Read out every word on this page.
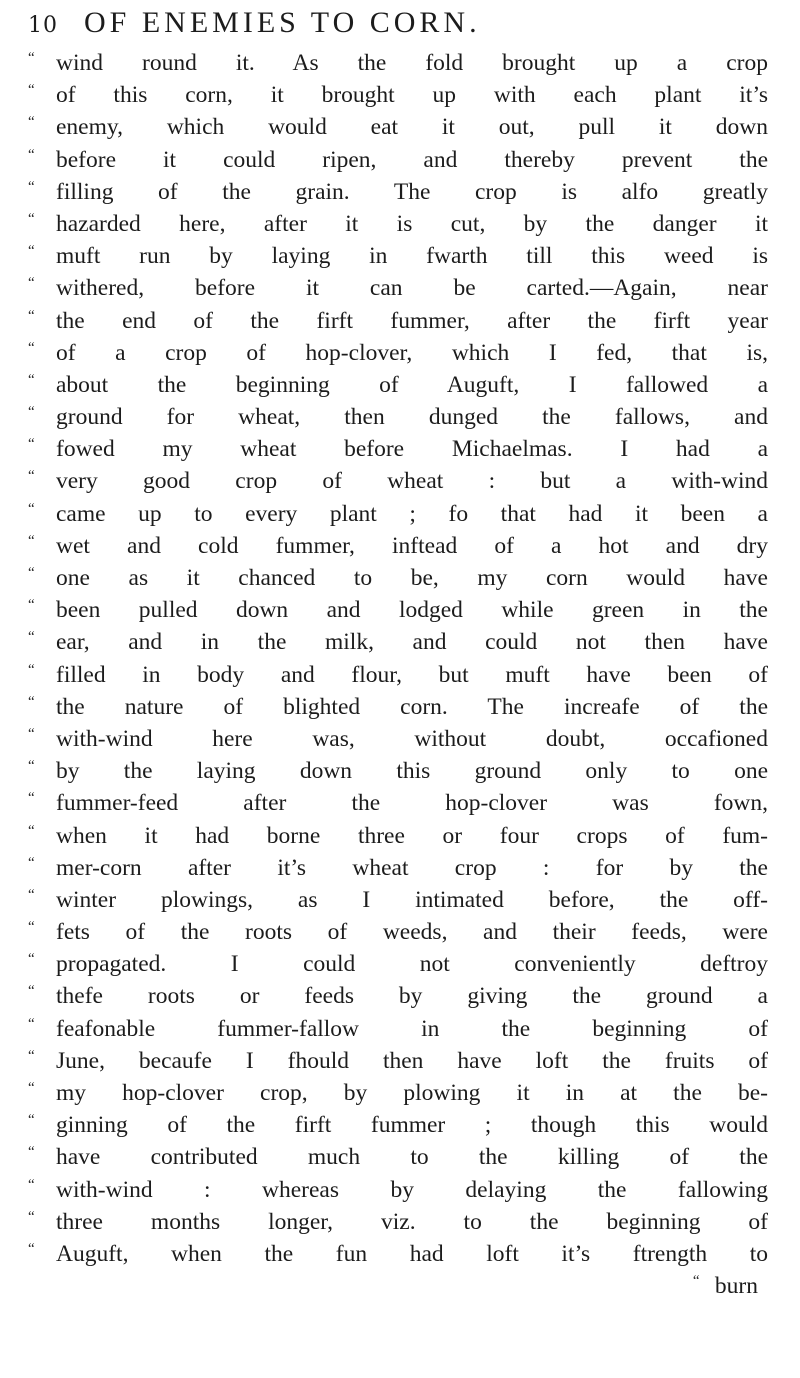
10 OF ENEMIES TO CORN.
“ wind round it. As the fold brought up a crop
“ of this corn, it brought up with each plant it’s
“ enemy, which would eat it out, pull it down
“ before it could ripen, and thereby prevent the
“ filling of the grain. The crop is alfo greatly
“ hazarded here, after it is cut, by the danger it
“ muft run by laying in fwarth till this weed is
“ withered, before it can be carted.—Again, near
“ the end of the firft fummer, after the firft year
“ of a crop of hop-clover, which I fed, that is,
“ about the beginning of Auguft, I fallowed a
“ ground for wheat, then dunged the fallows, and
“ fowed my wheat before Michaelmas. I had a
“ very good crop of wheat : but a with-wind
“ came up to every plant ; fo that had it been a
“ wet and cold fummer, inftead of a hot and dry
“ one as it chanced to be, my corn would have
“ been pulled down and lodged while green in the
“ ear, and in the milk, and could not then have
“ filled in body and flour, but muft have been of
“ the nature of blighted corn. The increafe of the
“ with-wind here was, without doubt, occafioned
“ by the laying down this ground only to one
“ fummer-feed after the hop-clover was fown,
“ when it had borne three or four crops of fum-
“ mer-corn after it’s wheat crop : for by the
“ winter plowings, as I intimated before, the off-
“ fets of the roots of weeds, and their feeds, were
“ propagated. I could not conveniently deftroy
“ thefe roots or feeds by giving the ground a
“ feafonable fummer-fallow in the beginning of
“ June, becaufe I fhould then have loft the fruits of
“ my hop-clover crop, by plowing it in at the be-
“ ginning of the firft fummer ; though this would
“ have contributed much to the killing of the
“ with-wind : whereas by delaying the fallowing
“ three months longer, viz. to the beginning of
“ Auguft, when the fun had loft it’s ftrength to
“ burn
